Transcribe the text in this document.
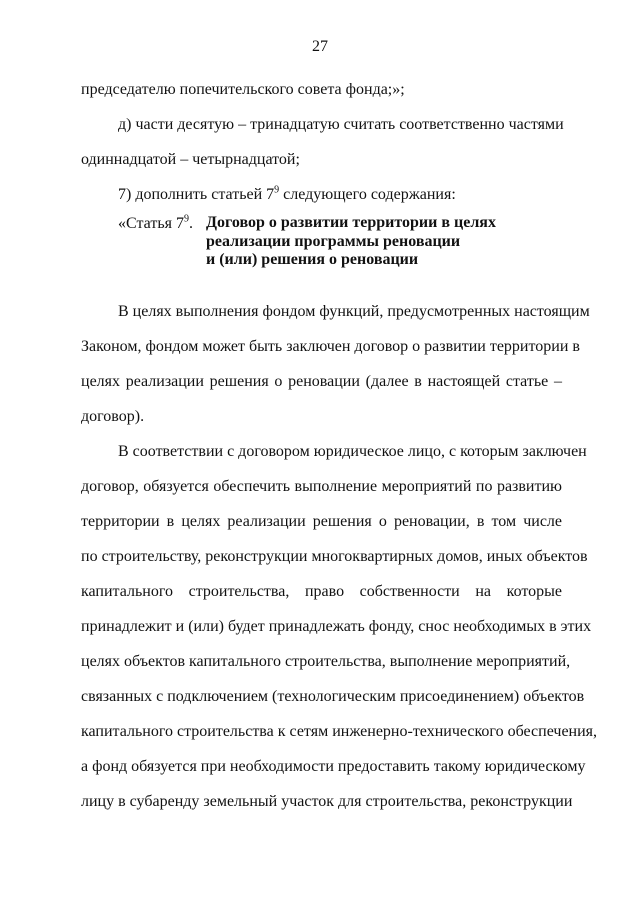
27
председателю попечительского совета фонда;»;
д) части десятую – тринадцатую считать соответственно частями
одиннадцатой – четырнадцатой;
7) дополнить статьей $7^9$ следующего содержания:
«Статья $7^9$. Договор о развитии территории в целях
реализации программы реновации
и (или) решения о реновации
В целях выполнения фондом функций, предусмотренных настоящим
Законом, фондом может быть заключен договор о развитии территории в
целях реализации решения о реновации (далее в настоящей статье –
договор).
В соответствии с договором юридическое лицо, с которым заключен
договор, обязуется обеспечить выполнение мероприятий по развитию
территории в целях реализации решения о реновации, в том числе
по строительству, реконструкции многоквартирных домов, иных объектов
капитального строительства, право собственности на которые
принадлежит и (или) будет принадлежать фонду, снос необходимых в этих
целях объектов капитального строительства, выполнение мероприятий,
связанных с подключением (технологическим присоединением) объектов
капитального строительства к сетям инженерно-технического обеспечения,
а фонд обязуется при необходимости предоставить такому юридическому
лицу в субаренду земельный участок для строительства, реконструкции
